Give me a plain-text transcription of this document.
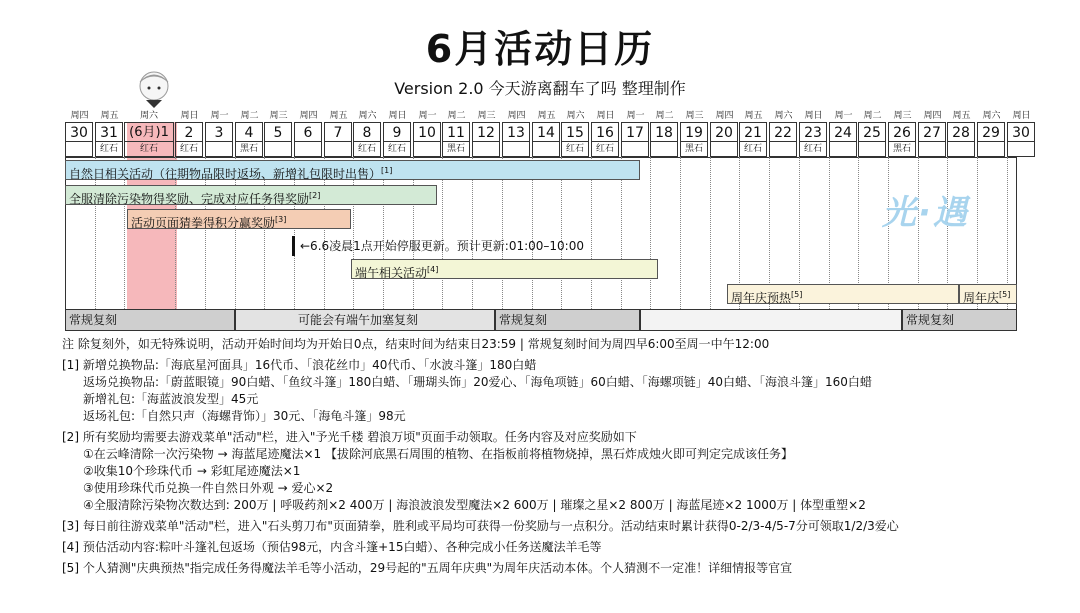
6月活动日历
Version 2.0 今天游离翻车了吗 整理制作
周四
30
周五
31
红石
周六
(6月)1
红石
周日
2
红石
周一
3
周二
4
黑石
周三
5
周四
6
周五
7
周六
8
红石
周日
9
红石
周一
10
周二
11
黑石
周三
12
周四
13
周五
14
周六
15
红石
周日
16
红石
周一
17
周二
18
周三
19
黑石
周四
20
周五
21
红石
周六
22
周日
23
红石
周一
24
周二
25
周三
26
黑石
周四
27
周五
28
周六
29
周日
30
自然日相关活动（往期物品限时返场、新增礼包限时出售）[1]
全服清除污染物得奖励、完成对应任务得奖励[2]
活动页面猜拳得积分赢奖励[3]
←6.6凌晨1点开始停服更新。预计更新:01:00–10:00
端午相关活动[4]
周年庆预热[5]	周年庆[5]
常规复刻	可能会有端午加塞复刻	常规复刻	常规复刻
光·遇
注 除复刻外，如无特殊说明，活动开始时间均为开始日0点，结束时间为结束日23:59 | 常规复刻时间为周四早6:00至周一中午12:00
[1] 新增兑换物品:「海底星河面具」16代币、「浪花丝巾」40代币、「水波斗篷」180白蜡
返场兑换物品:「蔚蓝眼镜」90白蜡、「鱼纹斗篷」180白蜡、「珊瑚头饰」20爱心、「海龟项链」60白蜡、「海螺项链」40白蜡、「海浪斗篷」160白蜡
新增礼包:「海蓝波浪发型」45元
返场礼包:「自然只声（海螺背饰）」30元、「海龟斗篷」98元
[2] 所有奖励均需要去游戏菜单"活动"栏，进入"予光千楼 碧浪万顷"页面手动领取。任务内容及对应奖励如下
①在云峰清除一次污染物 → 海蓝尾迹魔法×1 【拔除河底黑石周围的植物、在指板前将植物烧掉，黑石炸成烛火即可判定完成该任务】
②收集10个珍珠代币 → 彩虹尾迹魔法×1
③使用珍珠代币兑换一件自然日外观 → 爱心×2
④全服清除污染物次数达到: 200万 | 呼吸药剂×2 400万 | 海浪波浪发型魔法×2 600万 | 璀璨之星×2 800万 | 海蓝尾迹×2 1000万 | 体型重塑×2
[3] 每日前往游戏菜单"活动"栏，进入"石头剪刀布"页面猜拳，胜利或平局均可获得一份奖励与一点积分。活动结束时累计获得0-2/3-4/5-7分可领取1/2/3爱心
[4] 预估活动内容:粽叶斗篷礼包返场（预估98元，内含斗篷+15白蜡）、各种完成小任务送魔法羊毛等
[5] 个人猜测"庆典预热"指完成任务得魔法羊毛等小活动，29号起的"五周年庆典"为周年庆活动本体。个人猜测不一定准！详细情报等官宣
